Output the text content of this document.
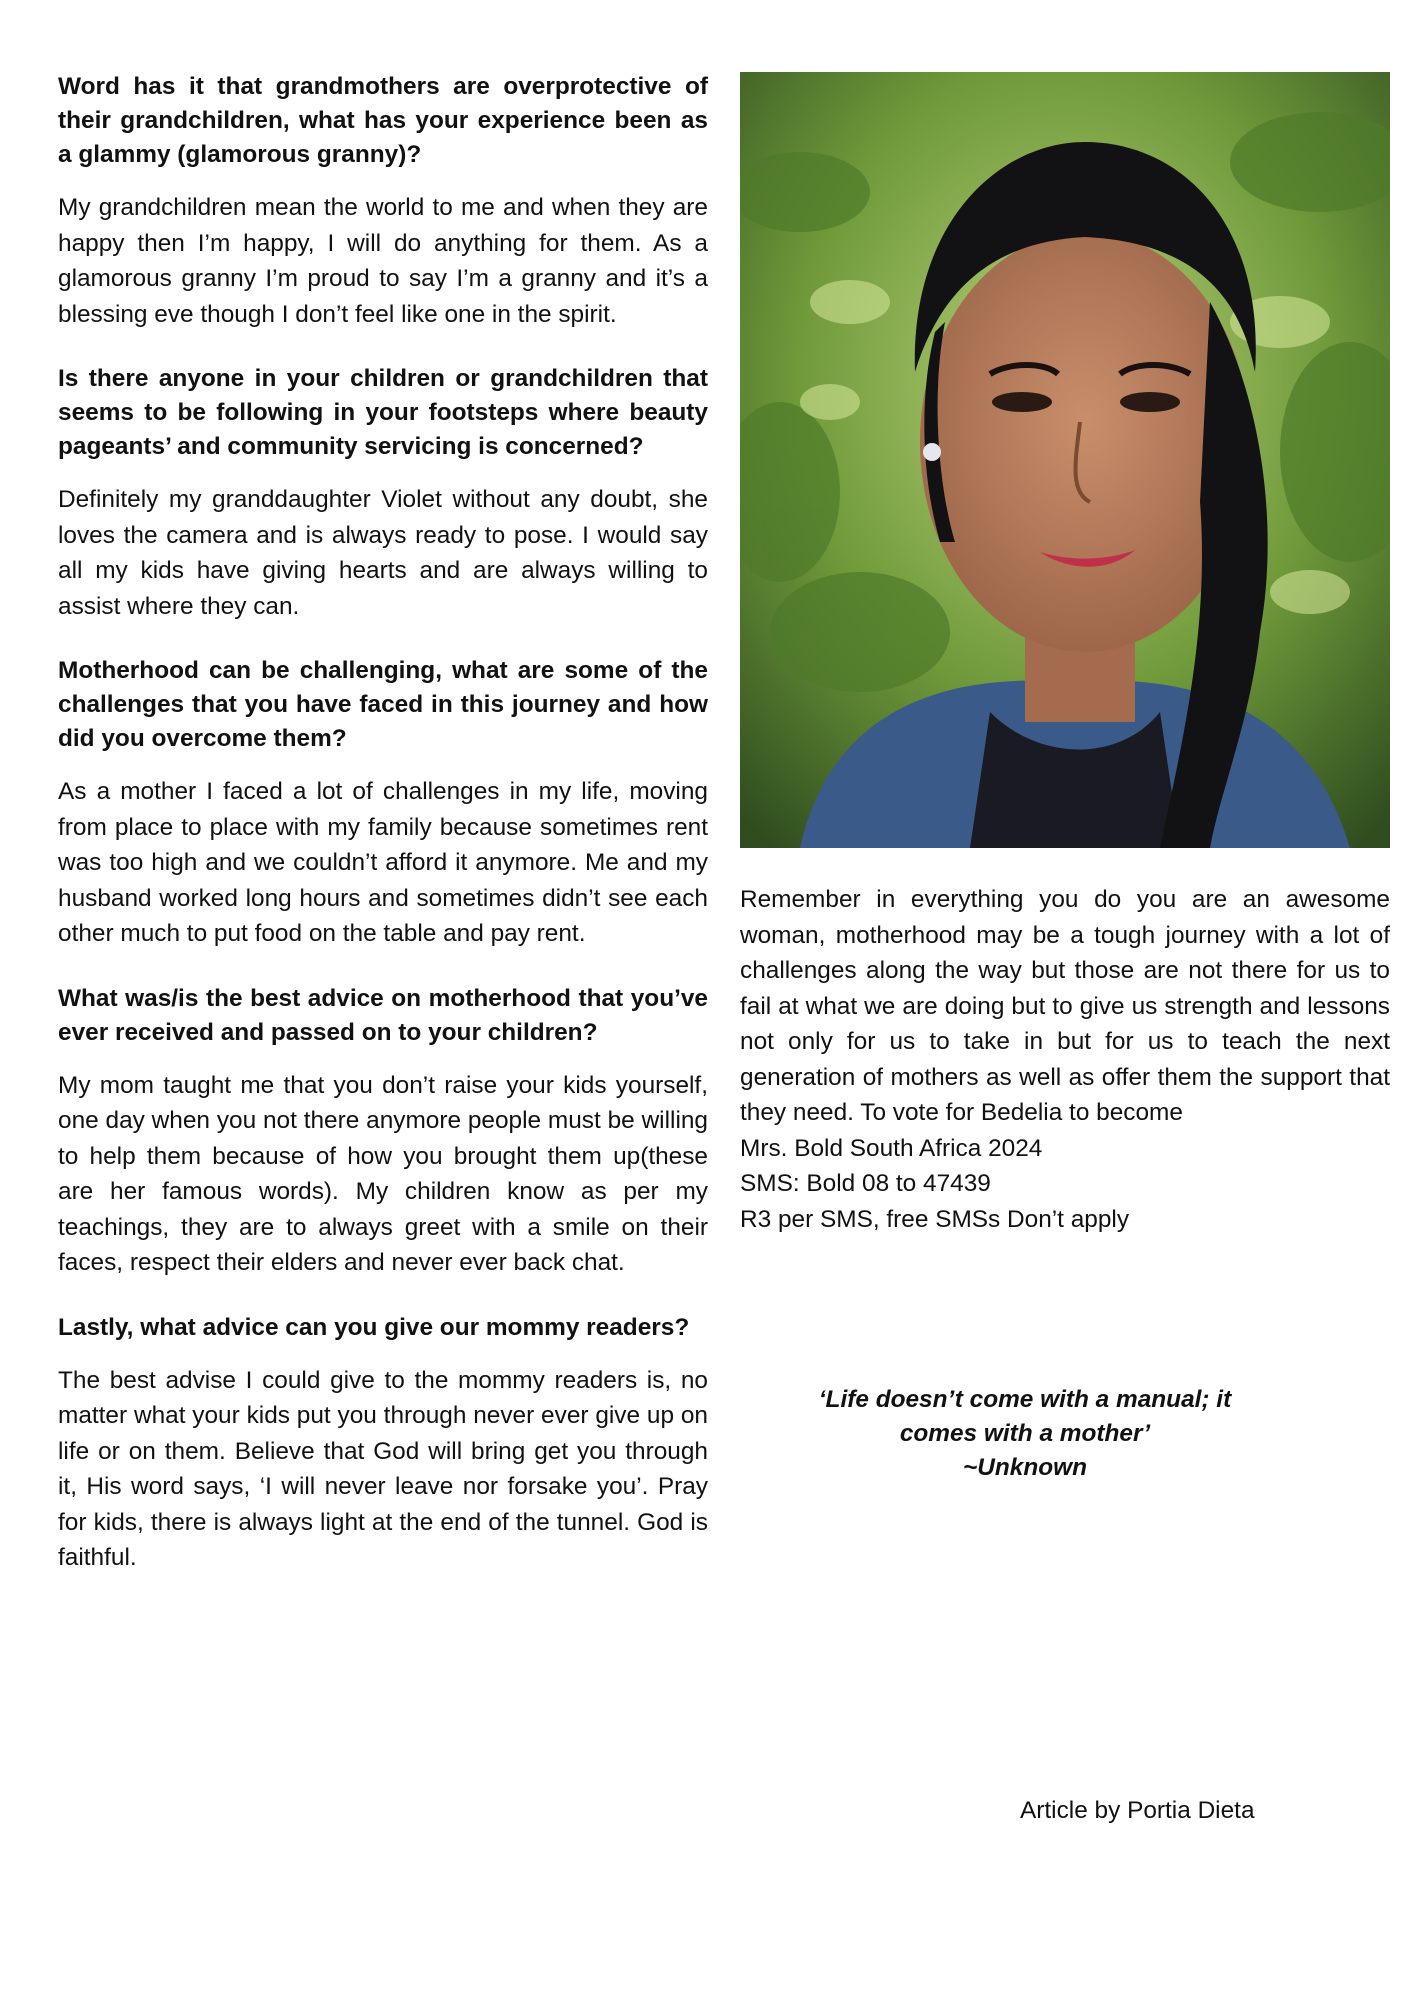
Word has it that grandmothers are overprotective of their grandchildren, what has your experience been as a glammy (glamorous granny)?

My grandchildren mean the world to me and when they are happy then I’m happy, I will do anything for them. As a glamorous granny I’m proud to say I’m a granny and it’s a blessing eve though I don’t feel like one in the spirit.

Is there anyone in your children or grandchildren that seems to be following in your footsteps where beauty pageants’ and community servicing is concerned?

Definitely my granddaughter Violet without any doubt, she loves the camera and is always ready to pose. I would say all my kids have giving hearts and are always willing to assist where they can.

Motherhood can be challenging, what are some of the challenges that you have faced in this journey and how did you overcome them?

As a mother I faced a lot of challenges in my life, moving from place to place with my family because sometimes rent was too high and we couldn’t afford it anymore. Me and my husband worked long hours and sometimes didn’t see each other much to put food on the table and pay rent.

What was/is the best advice on motherhood that you’ve ever received and passed on to your children?

My mom taught me that you don’t raise your kids yourself, one day when you not there anymore people must be willing to help them because of how you brought them up(these are her famous words). My children know as per my teachings, they are to always greet with a smile on their faces, respect their elders and never ever back chat.

Lastly, what advice can you give our mommy readers?

The best advise I could give to the mommy readers is, no matter what your kids put you through never ever give up on life or on them. Believe that God will bring get you through it, His word says, ‘I will never leave nor forsake you’. Pray for kids, there is always light at the end of the tunnel. God is faithful.

Remember in everything you do you are an awesome woman, motherhood may be a tough journey with a lot of challenges along the way but those are not there for us to fail at what we are doing but to give us strength and lessons not only for us to take in but for us to teach the next generation of mothers as well as offer them the support that they need. To vote for Bedelia to become
Mrs. Bold South Africa 2024
SMS: Bold 08 to 47439
R3 per SMS, free SMSs Don’t apply
‘Life doesn’t come with a manual; it
comes with a mother’
~Unknown
Article by Portia Dieta
